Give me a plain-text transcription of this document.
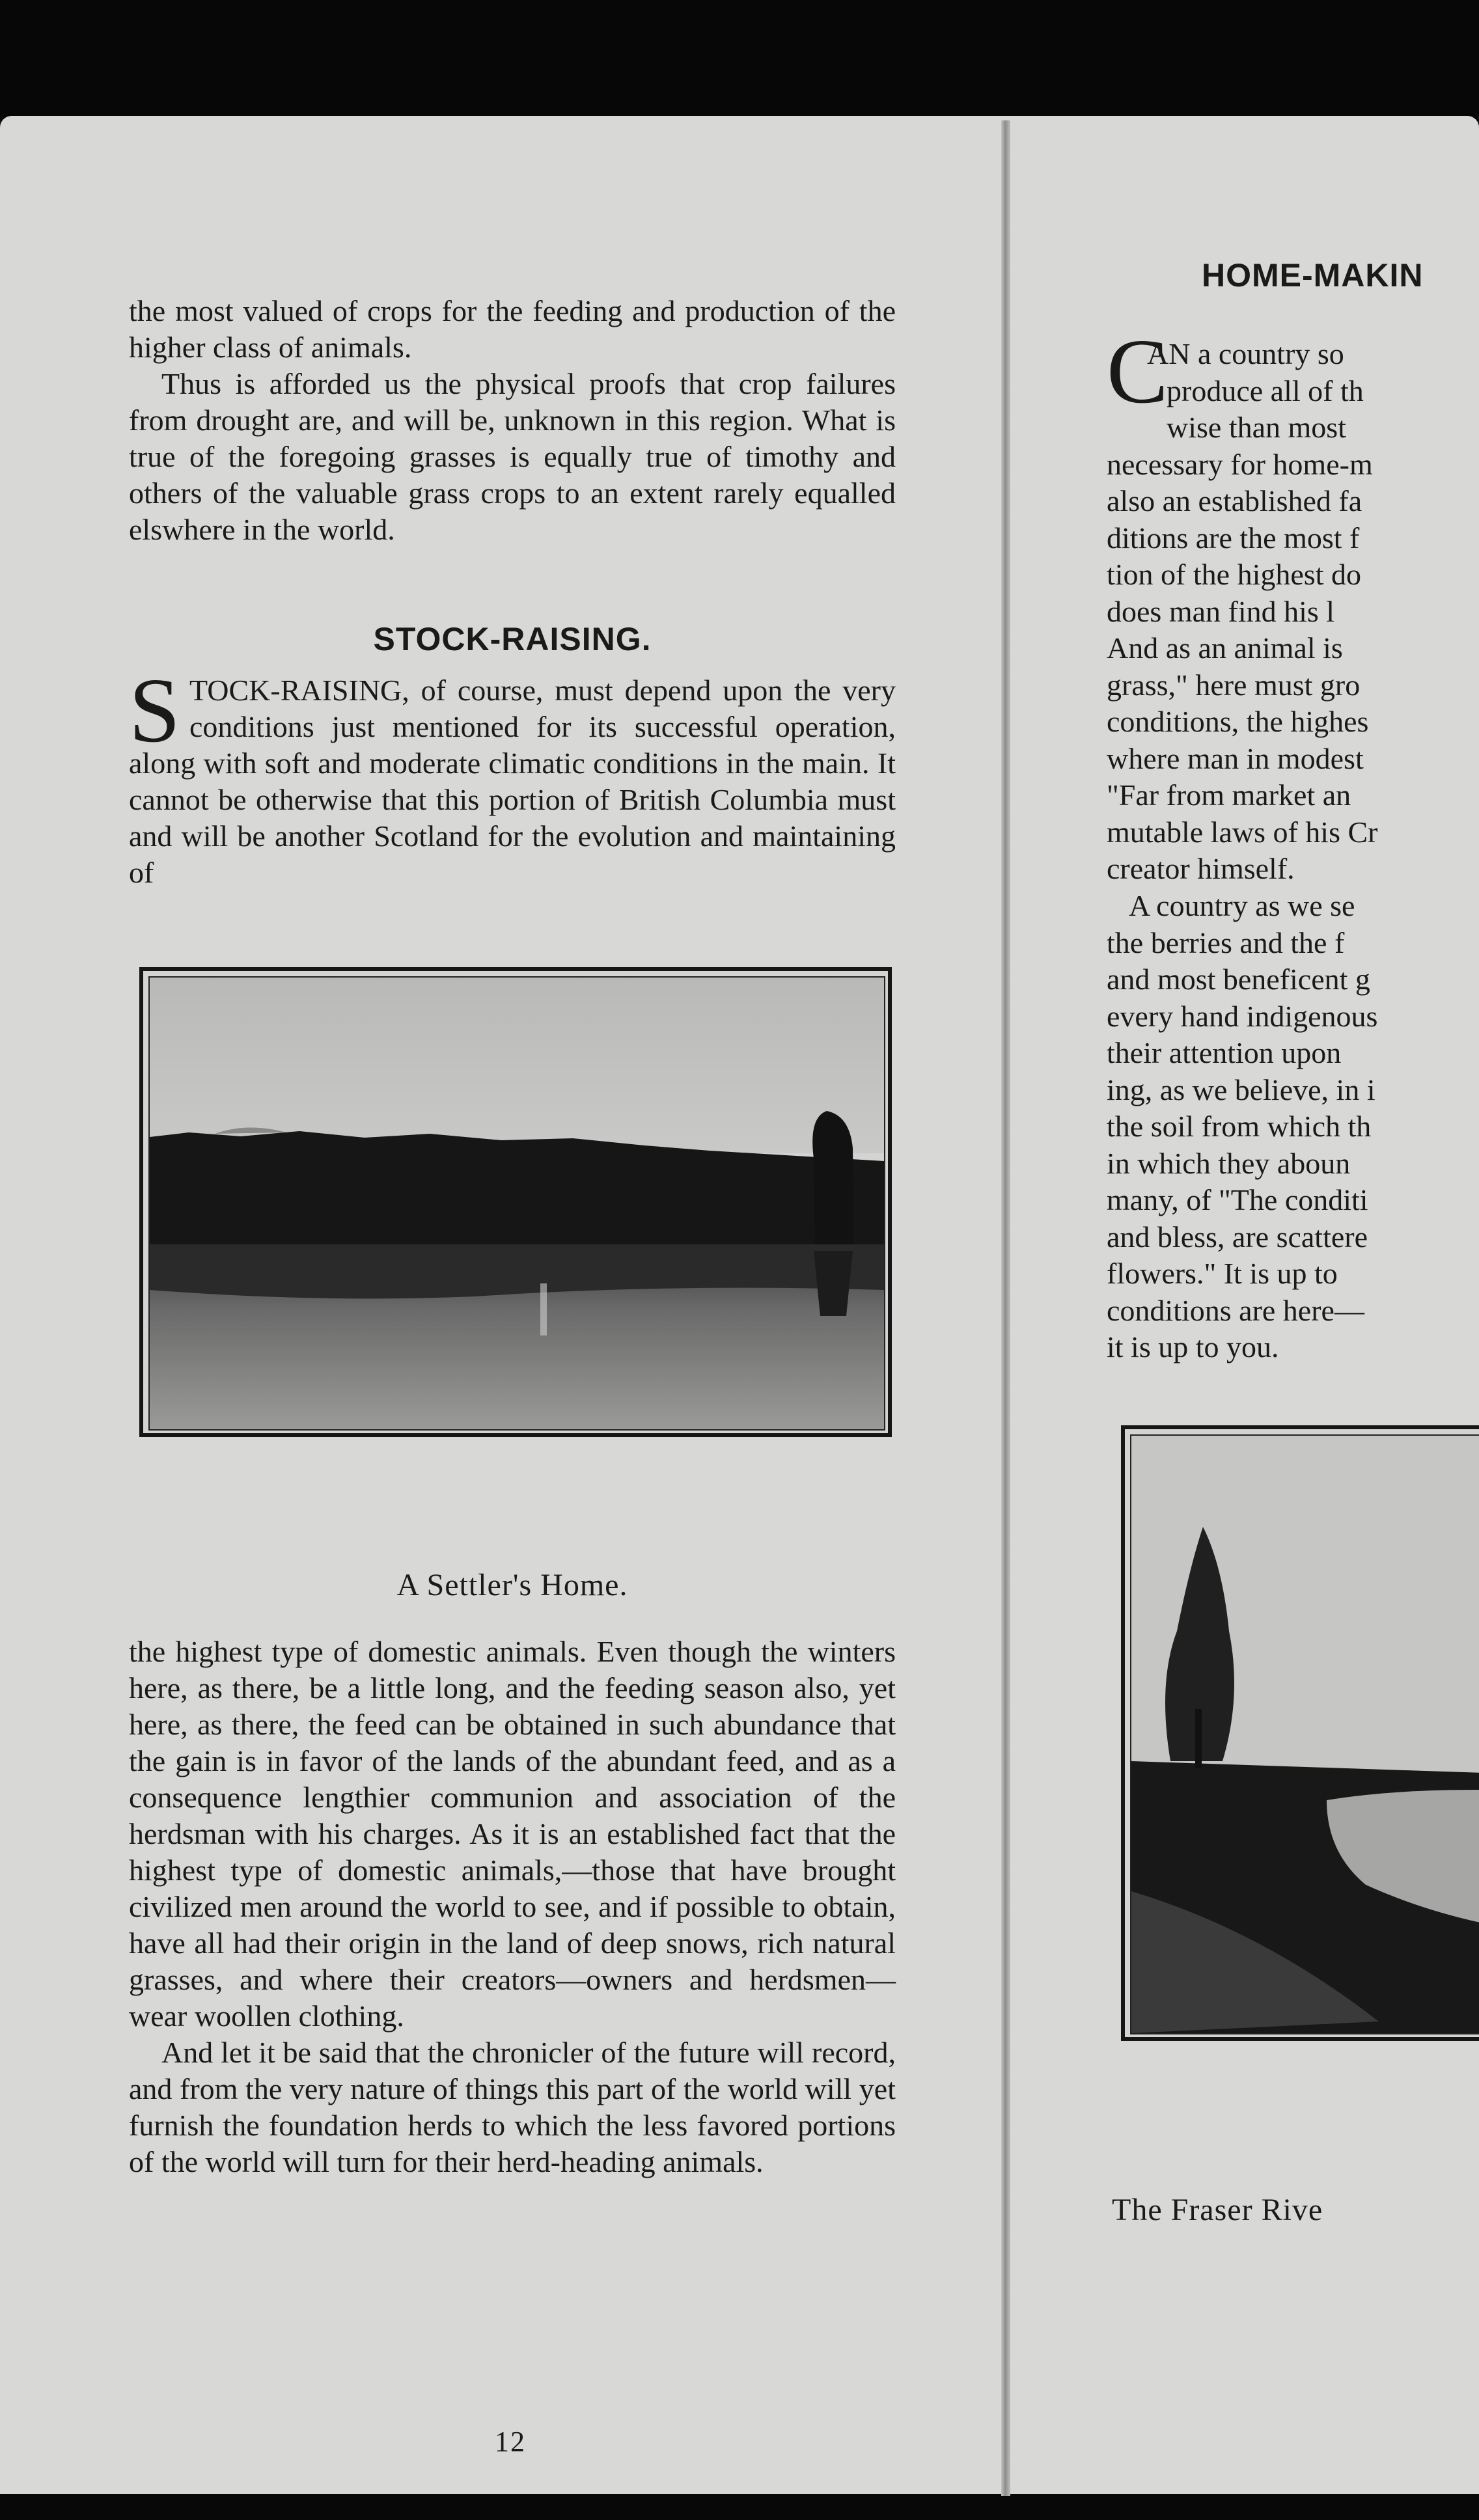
the most valued of crops for the feeding and production of the higher class of animals.

Thus is afforded us the physical proofs that crop failures from drought are, and will be, unknown in this region. What is true of the foregoing grasses is equally true of timothy and others of the valuable grass crops to an extent rarely equalled elswhere in the world.

STOCK-RAISING.

S TOCK-RAISING, of course, must depend upon the very conditions just mentioned for its successful operation, along with soft and moderate climatic conditions in the main. It cannot be otherwise that this portion of British Columbia must and will be another Scotland for the evolution and maintaining of

A Settler's Home.

the highest type of domestic animals. Even though the winters here, as there, be a little long, and the feeding season also, yet here, as there, the feed can be obtained in such abundance that the gain is in favor of the lands of the abundant feed, and as a consequence lengthier communion and association of the herdsman with his charges. As it is an established fact that the highest type of domestic animals,—those that have brought civilized men around the world to see, and if possible to obtain, have all had their origin in the land of deep snows, rich natural grasses, and where their creators—owners and herdsmen—wear woollen clothing.

And let it be said that the chronicler of the future will record, and from the very nature of things this part of the world will yet furnish the foundation herds to which the less favored portions of the world will turn for their herd-heading animals.

12
HOME-MAKIN
C
AN a country so
produce all of th
wise than most
necessary for home-m
also an established fa
ditions are the most f
tion of the highest do
does man find his l
And as an animal is
grass," here must gro
conditions, the highes
where man in modest
"Far from market an
mutable laws of his Cr
creator himself.
A country as we se
the berries and the f
and most beneficent g
every hand indigenous
their attention upon
ing, as we believe, in i
the soil from which th
in which they aboun
many, of "The conditi
and bless, are scattere
flowers." It is up to
conditions are here—
it is up to you.
The Fraser Rive
